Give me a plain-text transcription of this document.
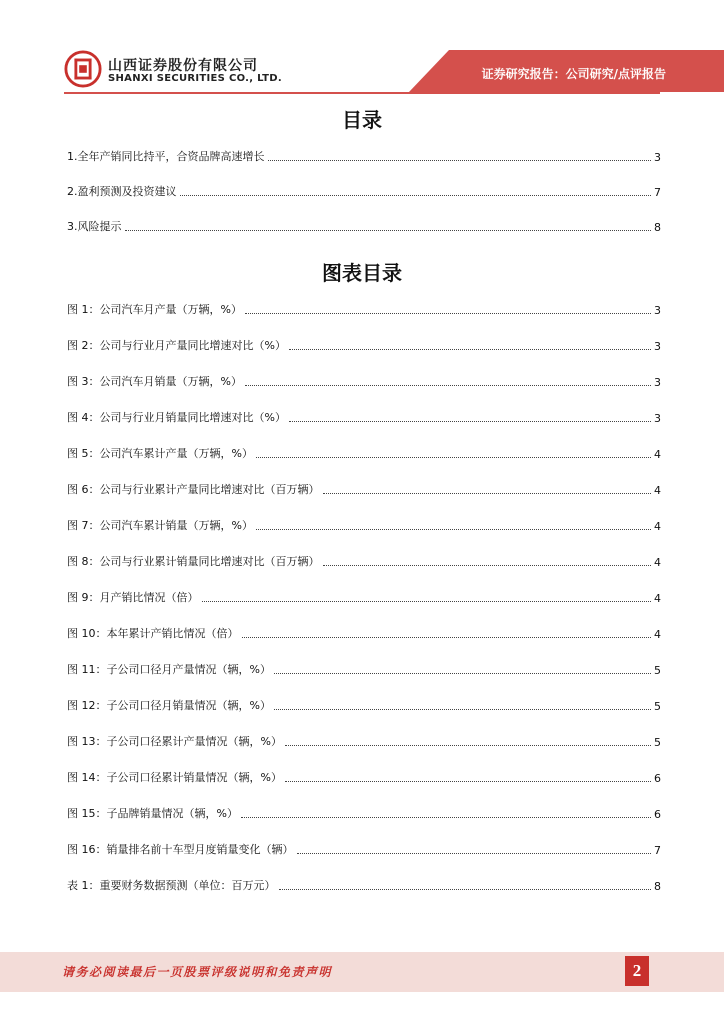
山西证券股份有限公司
SHANXI SECURITIES CO., LTD.	证券研究报告：公司研究/点评报告
目录
1.全年产销同比持平，合资品牌高速增长	3
2.盈利预测及投资建议	7
3.风险提示	8
图表目录
图 1：公司汽车月产量（万辆，%）	3
图 2：公司与行业月产量同比增速对比（%）	3
图 3：公司汽车月销量（万辆，%）	3
图 4：公司与行业月销量同比增速对比（%）	3
图 5：公司汽车累计产量（万辆，%）	4
图 6：公司与行业累计产量同比增速对比（百万辆）	4
图 7：公司汽车累计销量（万辆，%）	4
图 8：公司与行业累计销量同比增速对比（百万辆）	4
图 9：月产销比情况（倍）	4
图 10：本年累计产销比情况（倍）	4
图 11：子公司口径月产量情况（辆，%）	5
图 12：子公司口径月销量情况（辆，%）	5
图 13：子公司口径累计产量情况（辆，%）	5
图 14：子公司口径累计销量情况（辆，%）	6
图 15：子品牌销量情况（辆，%）	6
图 16：销量排名前十车型月度销量变化（辆）	7
表 1：重要财务数据预测（单位：百万元）	8
请务必阅读最后一页股票评级说明和免责声明	2
